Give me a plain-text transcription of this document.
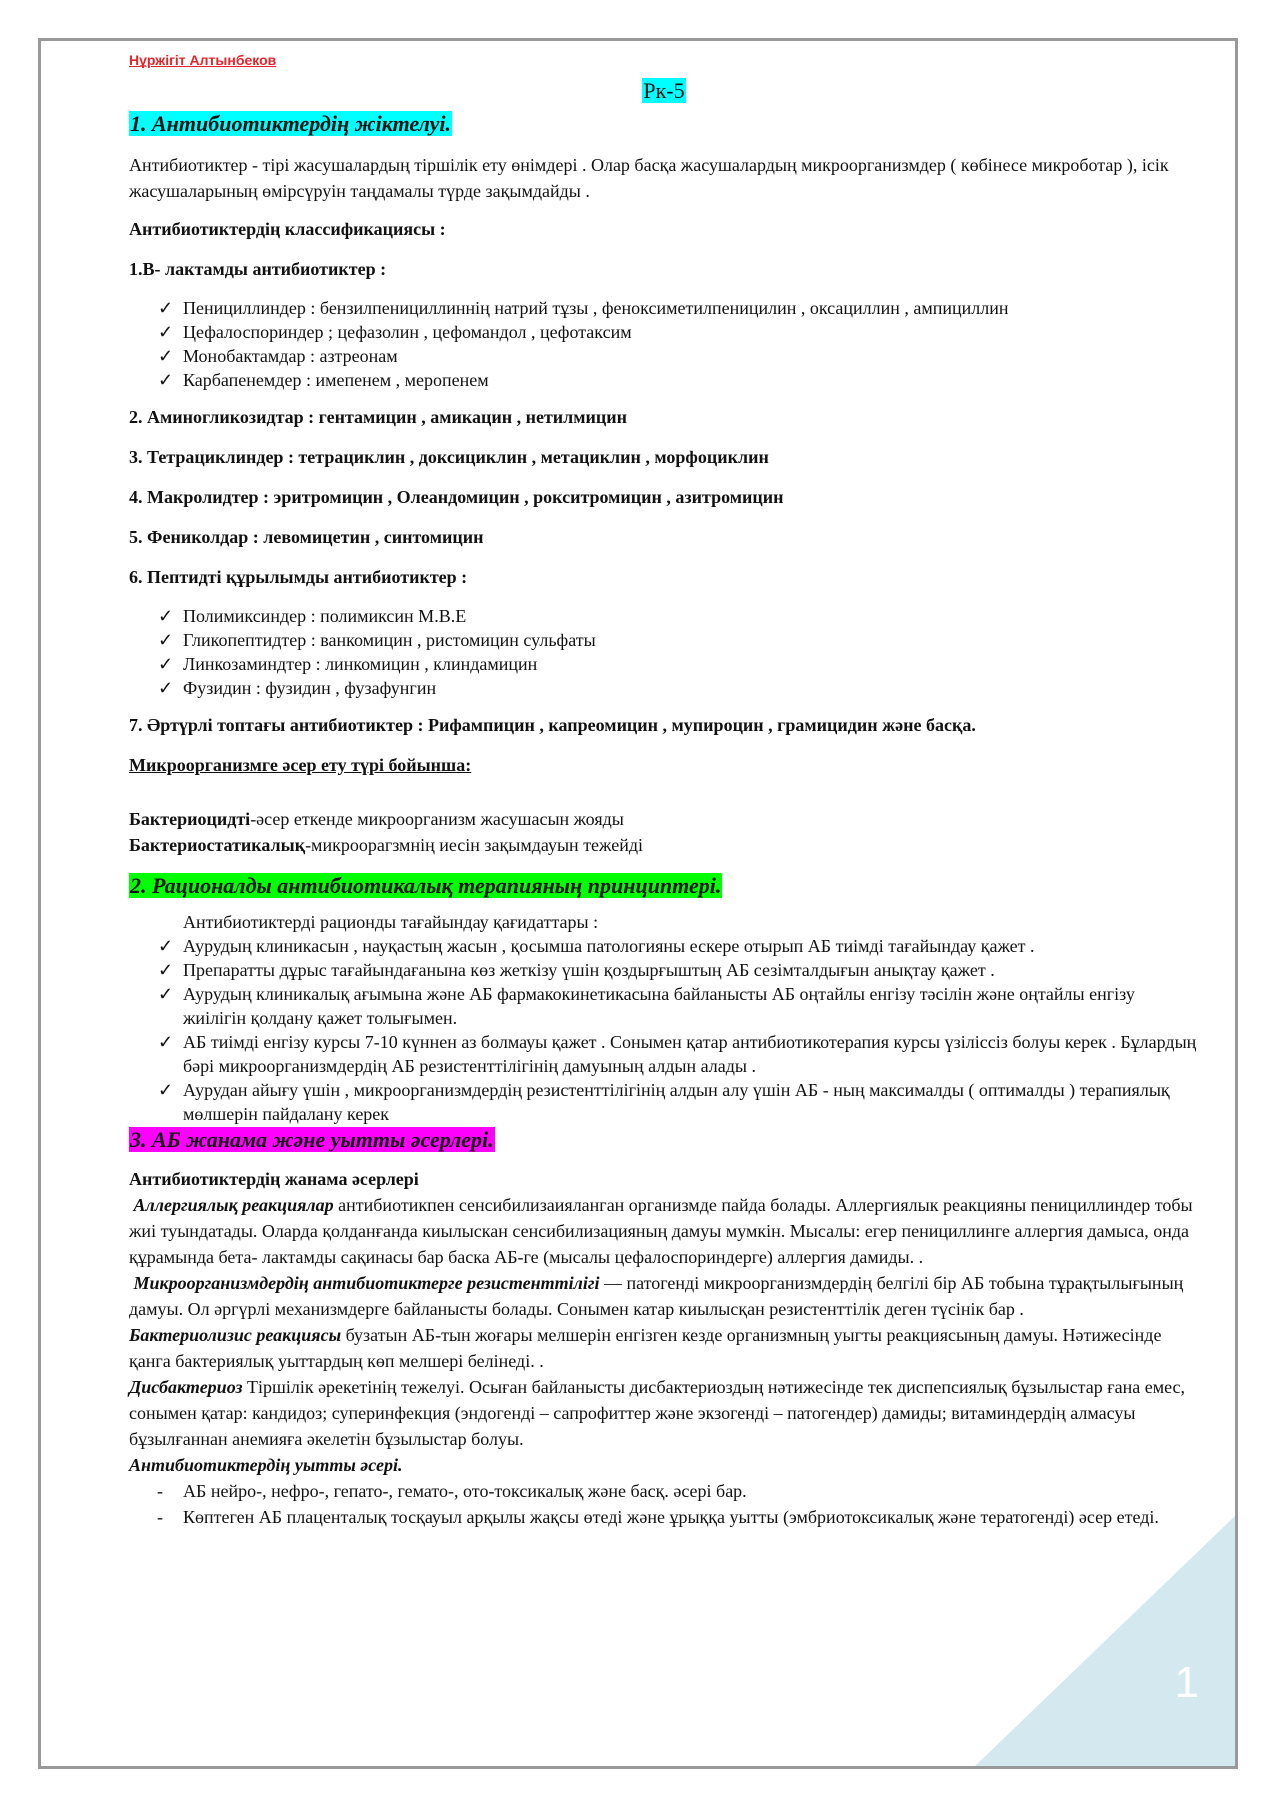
1
Нұржігіт Алтынбеков
Рк-5
1. Антибиотиктердің жіктелуі.

Антибиотиктер - тірі жасушалардың тіршілік ету өнімдері . Олар басқа жасушалардың микроорганизмдер ( көбінесе микроботар ), ісік жасушаларының өмірсүруін таңдамалы түрде зақымдайды .

Антибиотиктердің классификациясы :

1.В- лактамды антибиотиктер :

✓ Пенициллиндер : бензилпенициллиннің натрий тұзы , феноксиметилпеницилин , оксациллин , ампициллин
✓ Цефалоспориндер ; цефазолин , цефомандол , цефотаксим
✓ Монобактамдар : азтреонам
✓ Карбапенемдер : имепенем , меропенем

2. Аминогликозидтар : гентамицин , амикацин , нетилмицин

3. Тетрациклиндер : тетрациклин , доксициклин , метациклин , морфоциклин

4. Макролидтер : эритромицин , Олеандомицин , рокситромицин , азитромицин

5. Фениколдар : левомицетин , синтомицин

6. Пептидті құрылымды антибиотиктер :

✓ Полимиксиндер : полимиксин М.В.Е
✓ Гликопептидтер : ванкомицин , ристомицин сульфаты
✓ Линкозаминдтер : линкомицин , клиндамицин
✓ Фузидин : фузидин , фузафунгин

7. Әртүрлі топтағы антибиотиктер : Рифампицин , капреомицин , мупироцин , грамицидин және басқа.

Микроорганизмге әсер ету түрі бойынша:

Бактериоцидті-әсер еткенде микроорганизм жасушасын жояды

Бактериостатикалық-микроорагзмнің иесін зақымдауын тежейді

2. Рационалды антибиотикалық терапияның принциптері.
Антибиотиктерді рационды тағайындау қағидаттары :
✓ Аурудың клиникасын , науқастың жасын , қосымша патологияны ескере отырып АБ тиімді тағайындау қажет .
✓ Препаратты дұрыс тағайындағанына көз жеткізу үшін қоздырғыштың АБ сезімталдығын анықтау қажет .
✓ Аурудың клиникалық ағымына және АБ фармакокинетикасына байланысты АБ оңтайлы енгізу тәсілін және оңтайлы енгізу жиілігін қолдану қажет толығымен.
✓ АБ тиімді енгізу курсы 7-10 күннен аз болмауы қажет . Сонымен қатар антибиотикотерапия курсы үзіліссіз болуы керек . Бұлардың бәрі микроорганизмдердің АБ резистенттілігінің дамуының алдын алады .
✓ Аурудан айығу үшін , микроорганизмдердің резистенттілігінің алдын алу үшін АБ - ның максималды ( оптималды ) терапиялық мөлшерін пайдалану керек
3. АБ жанама және уытты әсерлері.

Антибиотиктердің жанама әсерлері

Аллергиялық реакциялар антибиотикпен сенсибилизаияланган организмде пайда болады. Аллергиялык реакцияны пенициллиндер тобы жиі туындатады. Оларда қолданғанда киылыскан сенсибилизацияның дамуы мумкін. Мысалы: егер пенициллинге аллергия дамыса, онда құрамында бета- лактамды сақинасы бар баска АБ-ге (мысалы цефалоспориндерге) аллергия дамиды. .

Микроорганизмдердің антибиотиктерге резистенттілігі — патогенді микроорганизмдердің белгілі бір АБ тобына тұрақтылығының дамуы. Ол әргүрлі механизмдерге байланысты болады. Сонымен катар киылысқан резистенттілік деген түсінік бар .

Бактериолизис реакциясы бузатын АБ-тын жоғары мелшерін енгізген кезде организмның уыгты реакциясының дамуы. Нәтижесінде қанга бактериялық уыттардың көп мелшері белінеді. .

Дисбактериоз Тіршілік әрекетінің тежелуі. Осыған байланысты дисбактериоздың нәтижесінде тек диспепсиялық бұзылыстар ғана емес, сонымен қатар: кандидоз; суперинфекция (эндогенді – сапрофиттер және экзогенді – патогендер) дамиды; витаминдердің алмасуы бұзылғаннан анемияға әкелетін бұзылыстар болуы.

Антибиотиктердің уытты әсері.

- АБ нейро-, нефро-, гепато-, гемато-, ото-токсикалық және басқ. әсері бар.
- Көптеген АБ плаценталық тосқауыл арқылы жақсы өтеді және ұрыққа уытты (эмбриотоксикалық және тератогенді) әсер етеді.
